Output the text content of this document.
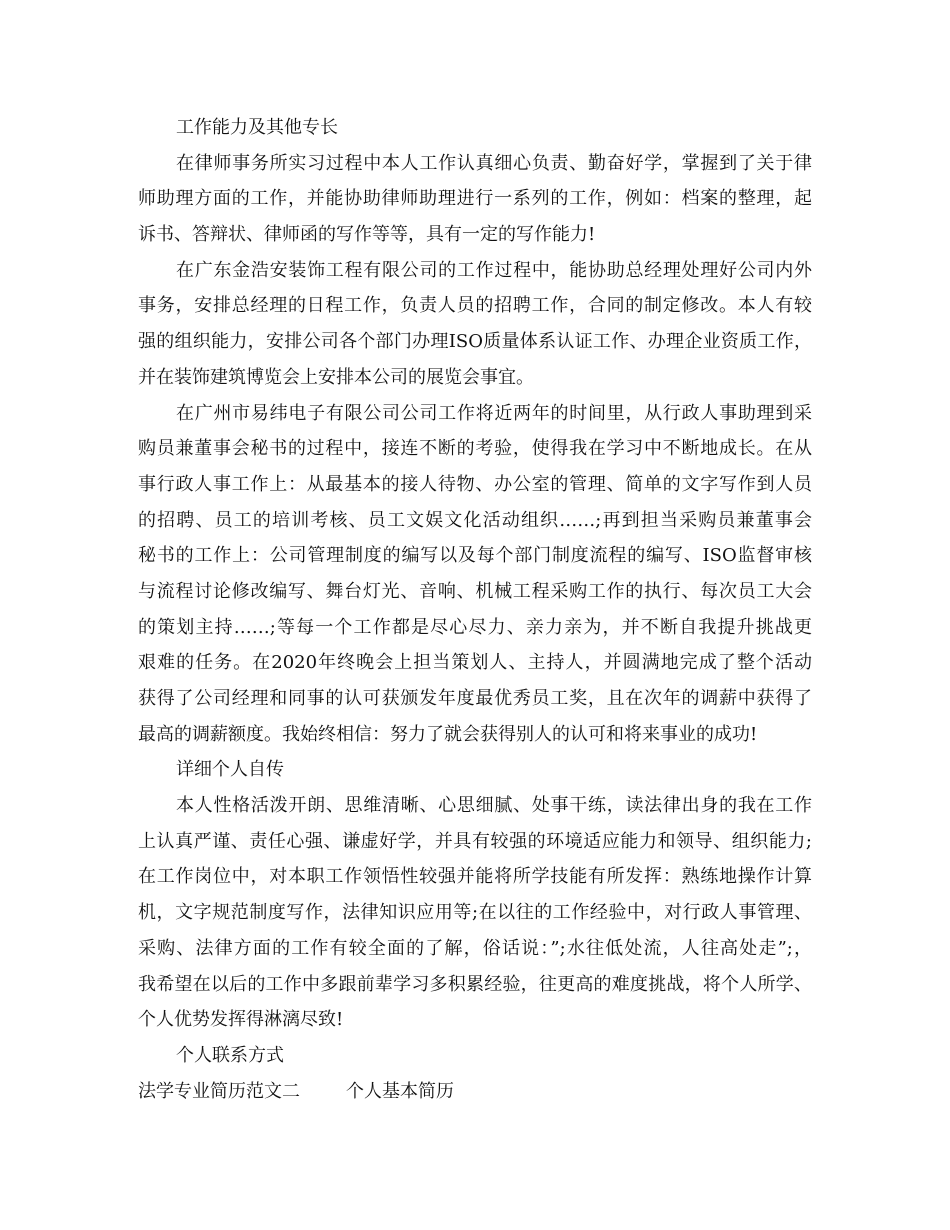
工作能力及其他专长
在律师事务所实习过程中本人工作认真细心负责、勤奋好学，掌握到了关于律
师助理方面的工作，并能协助律师助理进行一系列的工作，例如：档案的整理，起
诉书、答辩状、律师函的写作等等，具有一定的写作能力!
在广东金浩安装饰工程有限公司的工作过程中，能协助总经理处理好公司内外
事务，安排总经理的日程工作，负责人员的招聘工作，合同的制定修改。本人有较
强的组织能力，安排公司各个部门办理ISO质量体系认证工作、办理企业资质工作，
并在装饰建筑博览会上安排本公司的展览会事宜。
在广州市易纬电子有限公司公司工作将近两年的时间里，从行政人事助理到采
购员兼董事会秘书的过程中，接连不断的考验，使得我在学习中不断地成长。在从
事行政人事工作上：从最基本的接人待物、办公室的管理、简单的文字写作到人员
的招聘、员工的培训考核、员工文娱文化活动组织……;再到担当采购员兼董事会
秘书的工作上：公司管理制度的编写以及每个部门制度流程的编写、ISO监督审核
与流程讨论修改编写、舞台灯光、音响、机械工程采购工作的执行、每次员工大会
的策划主持……;等每一个工作都是尽心尽力、亲力亲为，并不断自我提升挑战更
艰难的任务。在2020年终晚会上担当策划人、主持人，并圆满地完成了整个活动
获得了公司经理和同事的认可获颁发年度最优秀员工奖，且在次年的调薪中获得了
最高的调薪额度。我始终相信：努力了就会获得别人的认可和将来事业的成功!
详细个人自传
本人性格活泼开朗、思维清晰、心思细腻、处事干练，读法律出身的我在工作
上认真严谨、责任心强、谦虚好学，并具有较强的环境适应能力和领导、组织能力;
在工作岗位中，对本职工作领悟性较强并能将所学技能有所发挥：熟练地操作计算
机，文字规范制度写作，法律知识应用等;在以往的工作经验中，对行政人事管理、
采购、法律方面的工作有较全面的了解，俗话说：”;水往低处流，人往高处走”;，
我希望在以后的工作中多跟前辈学习多积累经验，往更高的难度挑战，将个人所学、
个人优势发挥得淋漓尽致!
个人联系方式
法学专业简历范文二	个人基本简历
